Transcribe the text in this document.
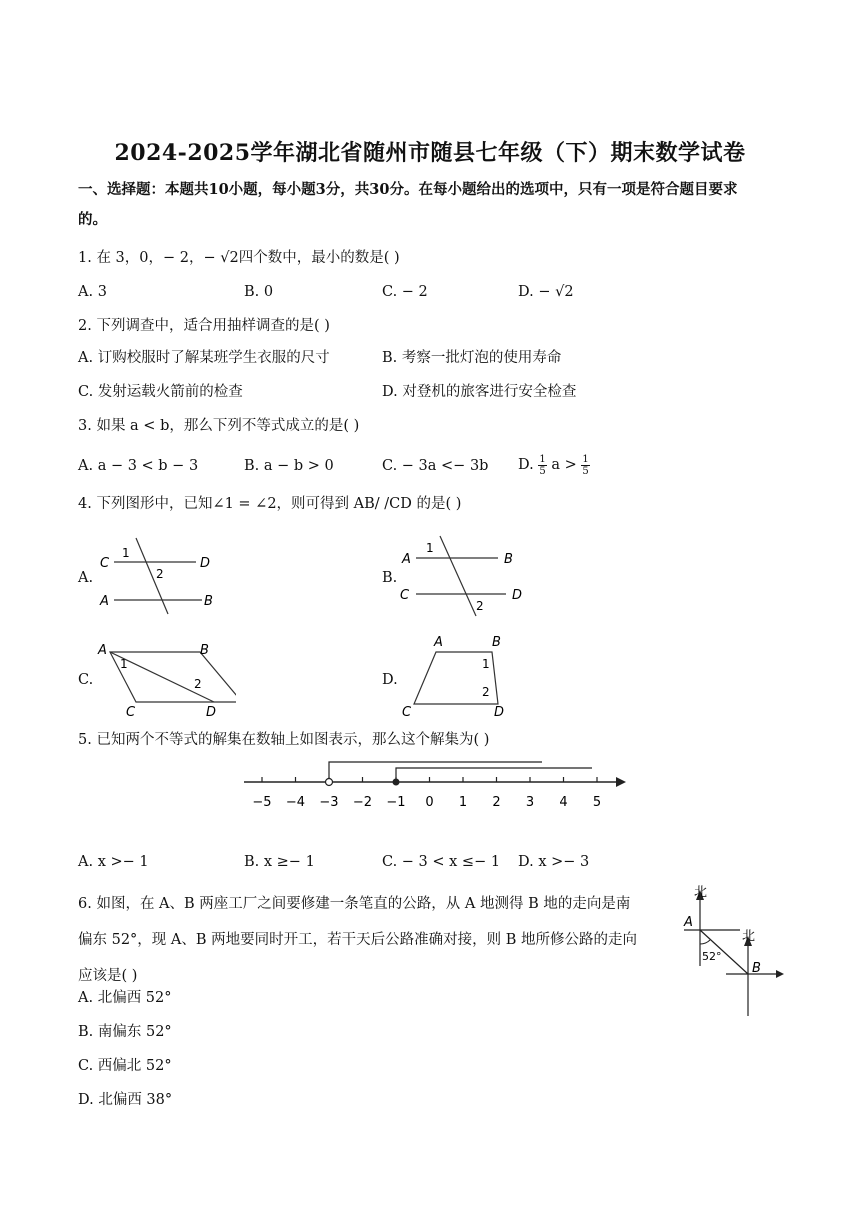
2024-2025学年湖北省随州市随县七年级（下）期末数学试卷
一、选择题：本题共10小题，每小题3分，共30分。在每小题给出的选项中，只有一项是符合题目要求
的。
1. 在 3，0，− 2，− √2四个数中，最小的数是( )
A. 3	B. 0	C. − 2	D. − √2
2. 下列调查中，适合用抽样调查的是( )
A. 订购校服时了解某班学生衣服的尺寸	B. 考察一批灯泡的使用寿命
C. 发射运载火箭前的检查	D. 对登机的旅客进行安全检查
3. 如果 a < b，那么下列不等式成立的是( )
A. a − 3 < b − 3	B. a − b > 0	C. − 3a <− 3b D. $\frac{1}{5}$ $a > \frac{1}{5}$
4. 下列图形中，已知∠1 = ∠2，则可得到 AB/ /CD 的是( )
A.
C	D
A	B
1
2	B.
A	B
C	D
1
2
C.
A	B
C	D
1
2	D.
A	B
C	D
1
2
5. 已知两个不等式的解集在数轴上如图表示，那么这个解集为( )
−5 −4 −3 −2 −1 0 1 2 3 4 5
A. x >− 1	B. x ≥− 1	C. − 3 < x ≤− 1 D. x >− 3
6. 如图，在 A、B 两座工厂之间要修建一条笔直的公路，从 A 地测得 B 地的走向是南
偏东 52°，现 A、B 两地要同时开工，若干天后公路准确对接，则 B 地所修公路的走向
应该是( )
A. 北偏西 52°
B. 南偏东 52°
C. 西偏北 52°
D. 北偏西 38°
北
北
A
B
52°
